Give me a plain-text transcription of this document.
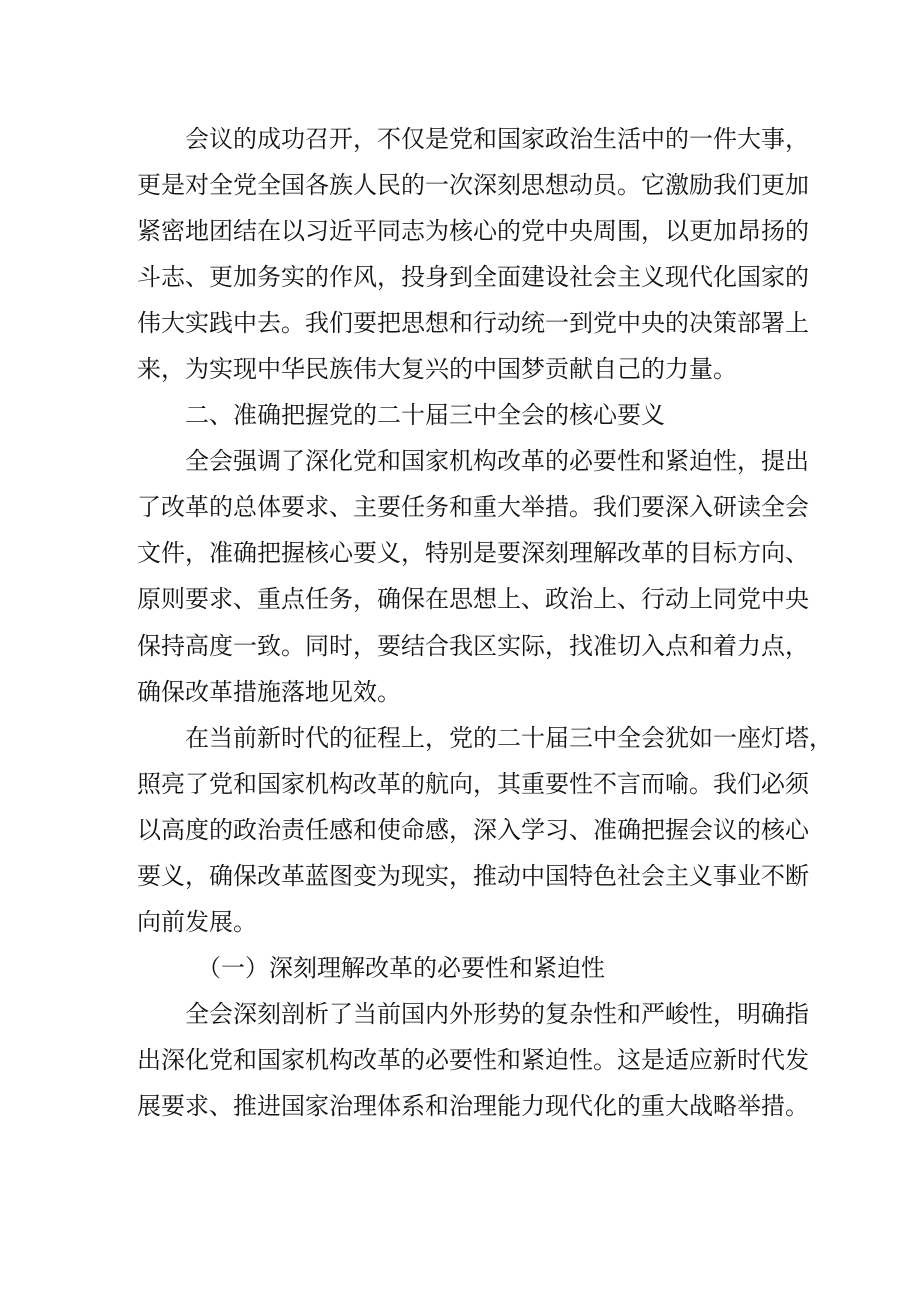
会议的成功召开，不仅是党和国家政治生活中的一件大事，
更是对全党全国各族人民的一次深刻思想动员。它激励我们更加
紧密地团结在以习近平同志为核心的党中央周围，以更加昂扬的
斗志、更加务实的作风，投身到全面建设社会主义现代化国家的
伟大实践中去。我们要把思想和行动统一到党中央的决策部署上
来，为实现中华民族伟大复兴的中国梦贡献自己的力量。
二、准确把握党的二十届三中全会的核心要义
全会强调了深化党和国家机构改革的必要性和紧迫性，提出
了改革的总体要求、主要任务和重大举措。我们要深入研读全会
文件，准确把握核心要义，特别是要深刻理解改革的目标方向、
原则要求、重点任务，确保在思想上、政治上、行动上同党中央
保持高度一致。同时，要结合我区实际，找准切入点和着力点，
确保改革措施落地见效。
在当前新时代的征程上，党的二十届三中全会犹如一座灯塔，
照亮了党和国家机构改革的航向，其重要性不言而喻。我们必须
以高度的政治责任感和使命感，深入学习、准确把握会议的核心
要义，确保改革蓝图变为现实，推动中国特色社会主义事业不断
向前发展。
（一）深刻理解改革的必要性和紧迫性
全会深刻剖析了当前国内外形势的复杂性和严峻性，明确指
出深化党和国家机构改革的必要性和紧迫性。这是适应新时代发
展要求、推进国家治理体系和治理能力现代化的重大战略举措。
